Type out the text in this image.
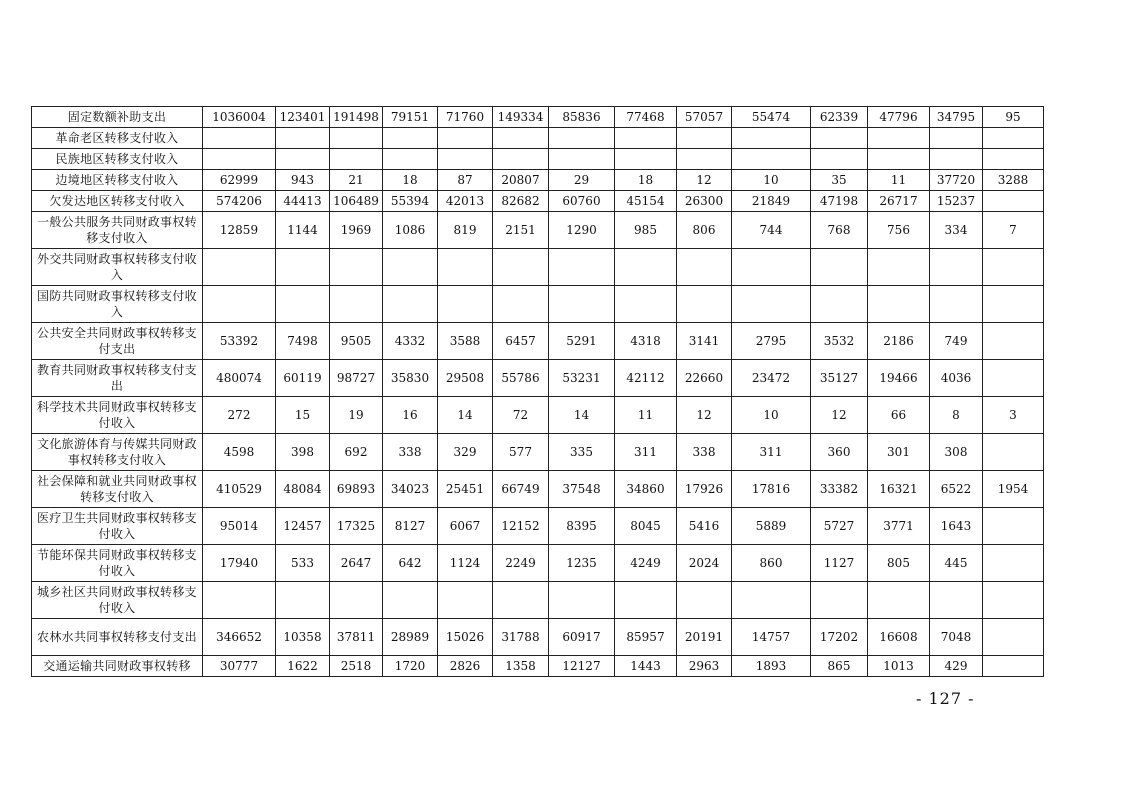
固定数额补助支出	1036004	123401	191498	79151	71760	149334	85836	77468	57057	55474	62339	47796	34795	95
革命老区转移支付收入														
民族地区转移支付收入														
边境地区转移支付收入	62999	943	21	18	87	20807	29	18	12	10	35	11	37720	3288
欠发达地区转移支付收入	574206	44413	106489	55394	42013	82682	60760	45154	26300	21849	47198	26717	15237	
一般公共服务共同财政事权转移支付收入	12859	1144	1969	1086	819	2151	1290	985	806	744	768	756	334	7
外交共同财政事权转移支付收入														
国防共同财政事权转移支付收入														
公共安全共同财政事权转移支付支出	53392	7498	9505	4332	3588	6457	5291	4318	3141	2795	3532	2186	749	
教育共同财政事权转移支付支出	480074	60119	98727	35830	29508	55786	53231	42112	22660	23472	35127	19466	4036	
科学技术共同财政事权转移支付收入	272	15	19	16	14	72	14	11	12	10	12	66	8	3
文化旅游体育与传媒共同财政事权转移支付收入	4598	398	692	338	329	577	335	311	338	311	360	301	308	
社会保障和就业共同财政事权转移支付收入	410529	48084	69893	34023	25451	66749	37548	34860	17926	17816	33382	16321	6522	1954
医疗卫生共同财政事权转移支付收入	95014	12457	17325	8127	6067	12152	8395	8045	5416	5889	5727	3771	1643	
节能环保共同财政事权转移支付收入	17940	533	2647	642	1124	2249	1235	4249	2024	860	1127	805	445	
城乡社区共同财政事权转移支付收入														
农林水共同事权转移支付支出	346652	10358	37811	28989	15026	31788	60917	85957	20191	14757	17202	16608	7048	
交通运输共同财政事权转移	30777	1622	2518	1720	2826	1358	12127	1443	2963	1893	865	1013	429	
- 127 -
